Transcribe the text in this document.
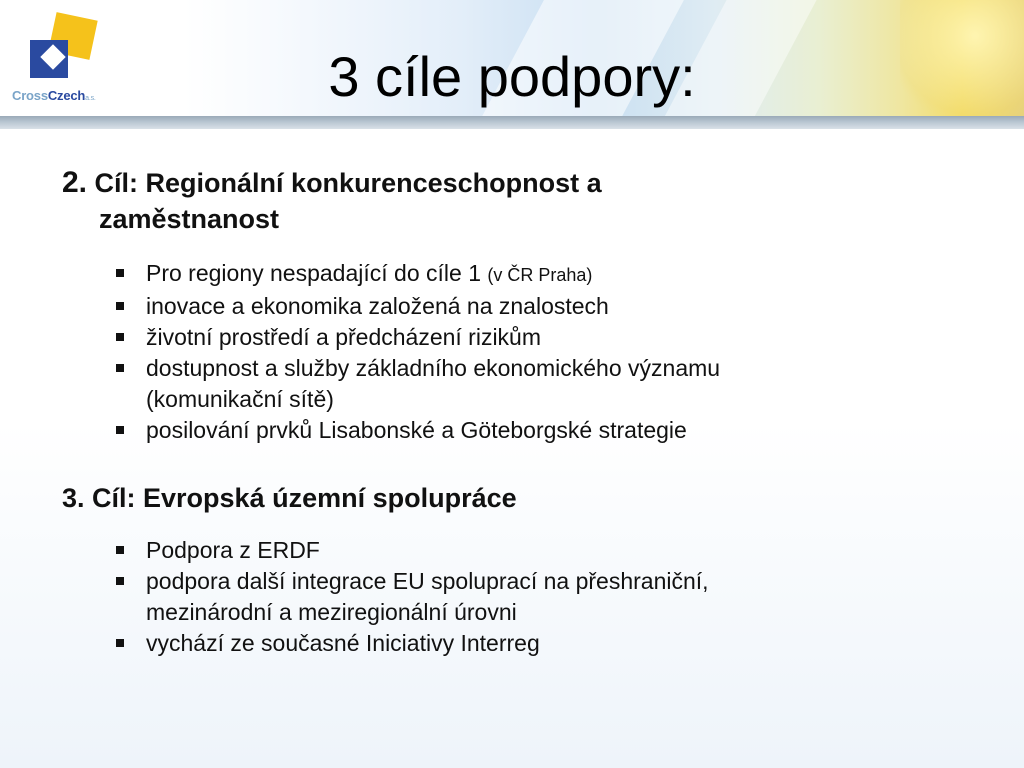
CrossCzecha.s.	3 cíle podpory:
2. Cíl: Regionální konkurenceschopnost a
zaměstnanost
Pro regiony nespadající do cíle 1 (v ČR Praha)
inovace a ekonomika založená na znalostech
životní prostředí a předcházení rizikům
dostupnost a služby základního ekonomického významu
(komunikační sítě)
posilování prvků Lisabonské a Göteborgské strategie
3. Cíl: Evropská územní spolupráce
Podpora z ERDF
podpora další integrace EU spoluprací na přeshraniční,
mezinárodní a meziregionální úrovni
vychází ze současné Iniciativy Interreg
